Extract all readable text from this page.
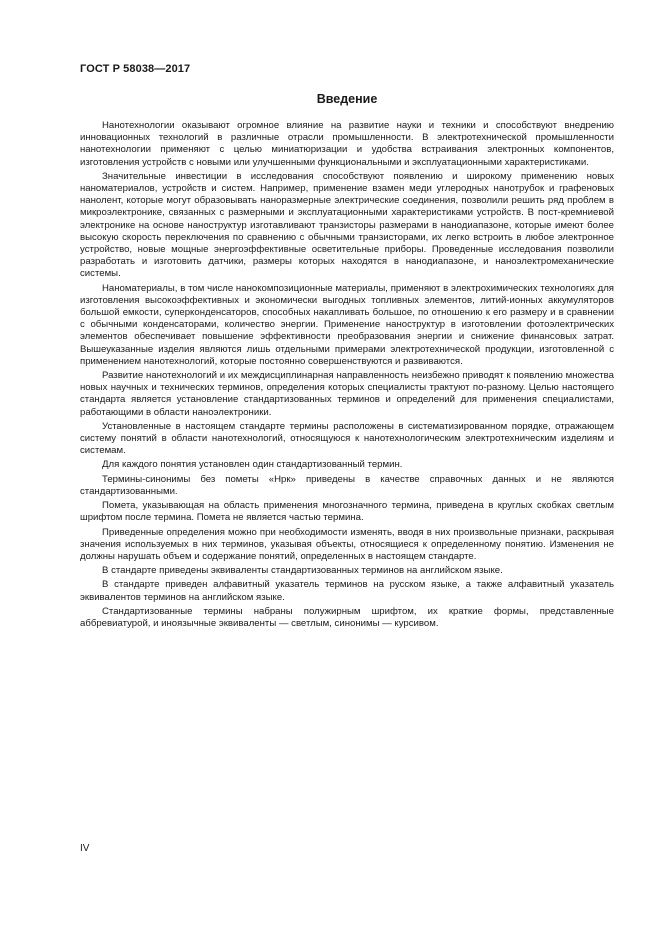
ГОСТ Р 58038—2017
Введение

Нанотехнологии оказывают огромное влияние на развитие науки и техники и способствуют внедрению инновационных технологий в различные отрасли промышленности. В электротехнической промышленности нанотехнологии применяют с целью миниатюризации и удобства встраивания электронных компонентов, изготовления устройств с новыми или улучшенными функциональными и эксплуатационными характеристиками.

Значительные инвестиции в исследования способствуют появлению и широкому применению новых наноматериалов, устройств и систем. Например, применение взамен меди углеродных нанотрубок и графеновых нанолент, которые могут образовывать наноразмерные электрические соединения, позволили решить ряд проблем в микроэлектронике, связанных с размерными и эксплуатационными характеристиками устройств. В пост-кремниевой электронике на основе наноструктур изготавливают транзисторы размерами в нанодиапазоне, которые имеют более высокую скорость переключения по сравнению с обычными транзисторами, их легко встроить в любое электронное устройство, новые мощные энергоэффективные осветительные приборы. Проведенные исследования позволили разработать и изготовить датчики, размеры которых находятся в нанодиапазоне, и наноэлектромеханические системы.

Наноматериалы, в том числе нанокомпозиционные материалы, применяют в электрохимических технологиях для изготовления высокоэффективных и экономически выгодных топливных элементов, литий-ионных аккумуляторов большой емкости, суперконденсаторов, способных накапливать большое, по отношению к его размеру и в сравнении с обычными конденсаторами, количество энергии. Применение наноструктур в изготовлении фотоэлектрических элементов обеспечивает повышение эффективности преобразования энергии и снижение финансовых затрат. Вышеуказанные изделия являются лишь отдельными примерами электротехнической продукции, изготовленной с применением нанотехнологий, которые постоянно совершенствуются и развиваются.

Развитие нанотехнологий и их междисциплинарная направленность неизбежно приводят к появлению множества новых научных и технических терминов, определения которых специалисты трактуют по-разному. Целью настоящего стандарта является установление стандартизованных терминов и определений для применения специалистами, работающими в области наноэлектроники.

Установленные в настоящем стандарте термины расположены в систематизированном порядке, отражающем систему понятий в области нанотехнологий, относящуюся к нанотехнологическим электротехническим изделиям и системам.

Для каждого понятия установлен один стандартизованный термин.

Термины-синонимы без пометы «Нрк» приведены в качестве справочных данных и не являются стандартизованными.

Помета, указывающая на область применения многозначного термина, приведена в круглых скобках светлым шрифтом после термина. Помета не является частью термина.

Приведенные определения можно при необходимости изменять, вводя в них произвольные признаки, раскрывая значения используемых в них терминов, указывая объекты, относящиеся к определенному понятию. Изменения не должны нарушать объем и содержание понятий, определенных в настоящем стандарте.

В стандарте приведены эквиваленты стандартизованных терминов на английском языке.

В стандарте приведен алфавитный указатель терминов на русском языке, а также алфавитный указатель эквивалентов терминов на английском языке.

Стандартизованные термины набраны полужирным шрифтом, их краткие формы, представленные аббревиатурой, и иноязычные эквиваленты — светлым, синонимы — курсивом.

IV
